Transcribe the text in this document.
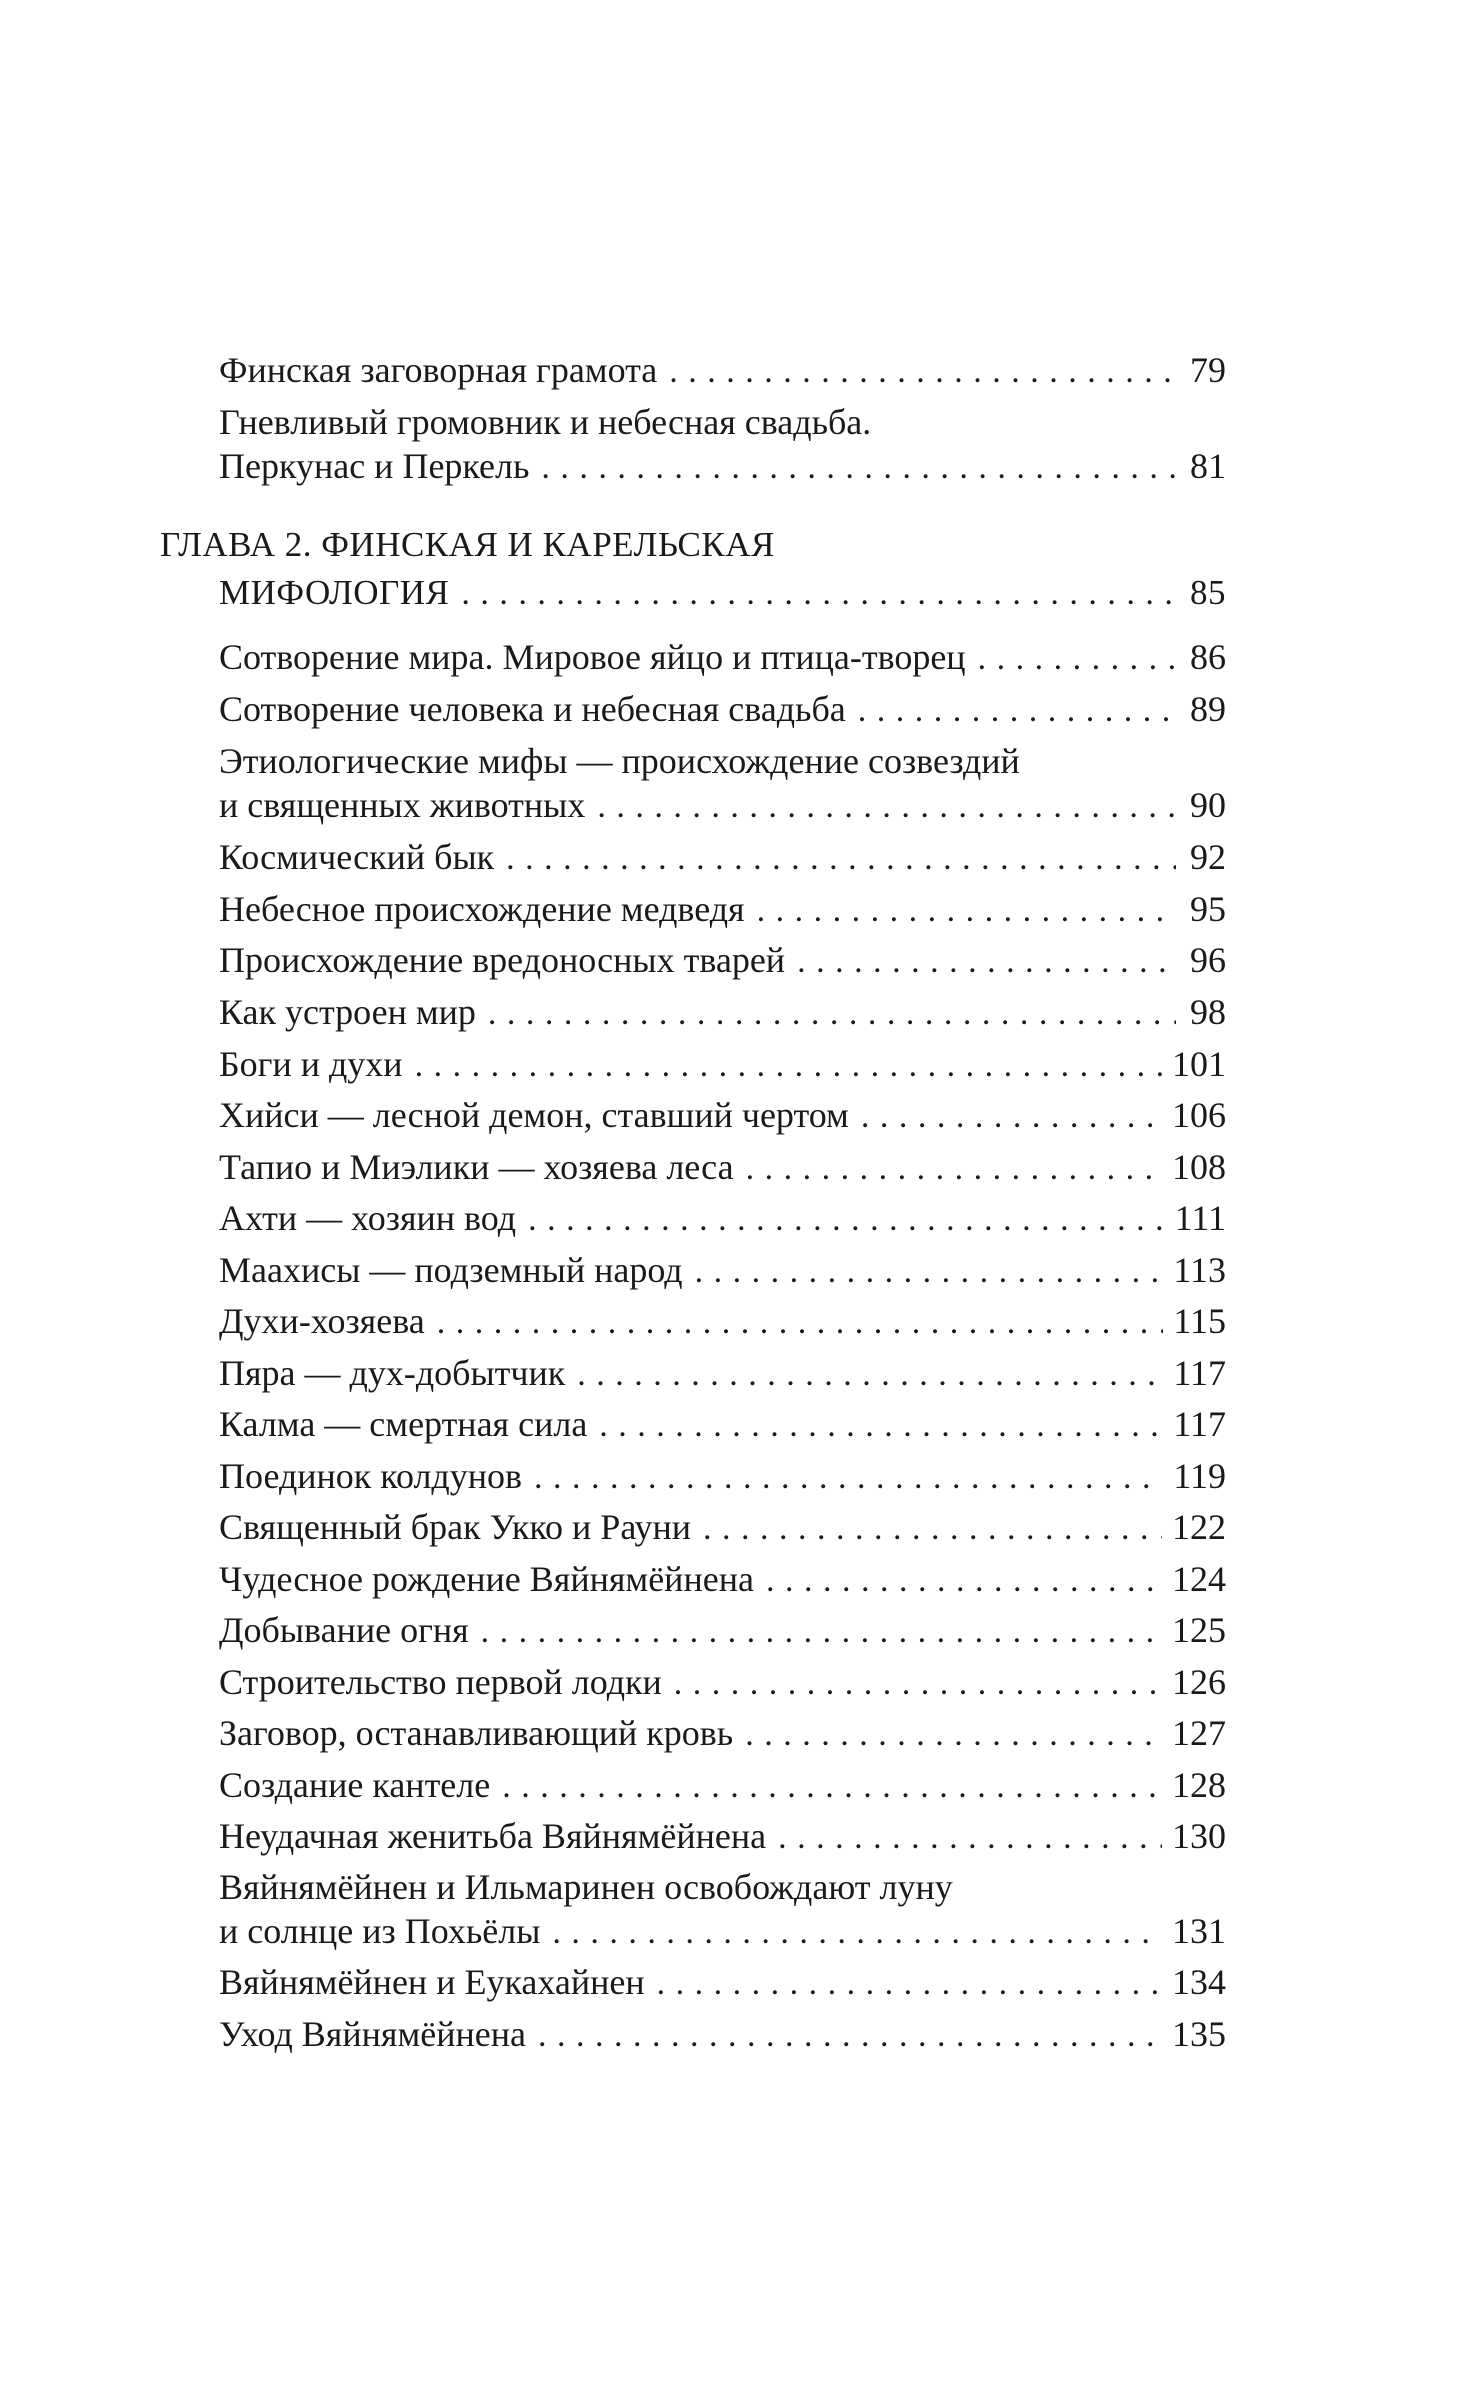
Финская заговорная грамота . . .	79
Гневливый громовник и небесная свадьба.
Перкунас и Перкель . . .	81
ГЛАВА 2. ФИНСКАЯ И КАРЕЛЬСКАЯ
МИФОЛОГИЯ . . .	85
Сотворение мира. Мировое яйцо и птица-творец . . .	86
Сотворение человека и небесная свадьба . . .	89
Этиологические мифы — происхождение созвездий
и священных животных . . .	90
Космический бык . . .	92
Небесное происхождение медведя . . .	95
Происхождение вредоносных тварей . . .	96
Как устроен мир . . .	98
Боги и духи . . .	101
Хийси — лесной демон, ставший чертом . . .	106
Тапио и Миэлики — хозяева леса . . .	108
Ахти — хозяин вод . . .	111
Маахисы — подземный народ . . .	113
Духи-хозяева . . .	115
Пяра — дух-добытчик . . .	117
Калма — смертная сила . . .	117
Поединок колдунов . . .	119
Священный брак Укко и Рауни . . .	122
Чудесное рождение Вяйнямёйнена . . .	124
Добывание огня . . .	125
Строительство первой лодки . . .	126
Заговор, останавливающий кровь . . .	127
Создание кантеле . . .	128
Неудачная женитьба Вяйнямёйнена . . .	130
Вяйнямёйнен и Ильмаринен освобождают луну
и солнце из Похьёлы . . .	131
Вяйнямёйнен и Еукахайнен . . .	134
Уход Вяйнямёйнена . . .	135
